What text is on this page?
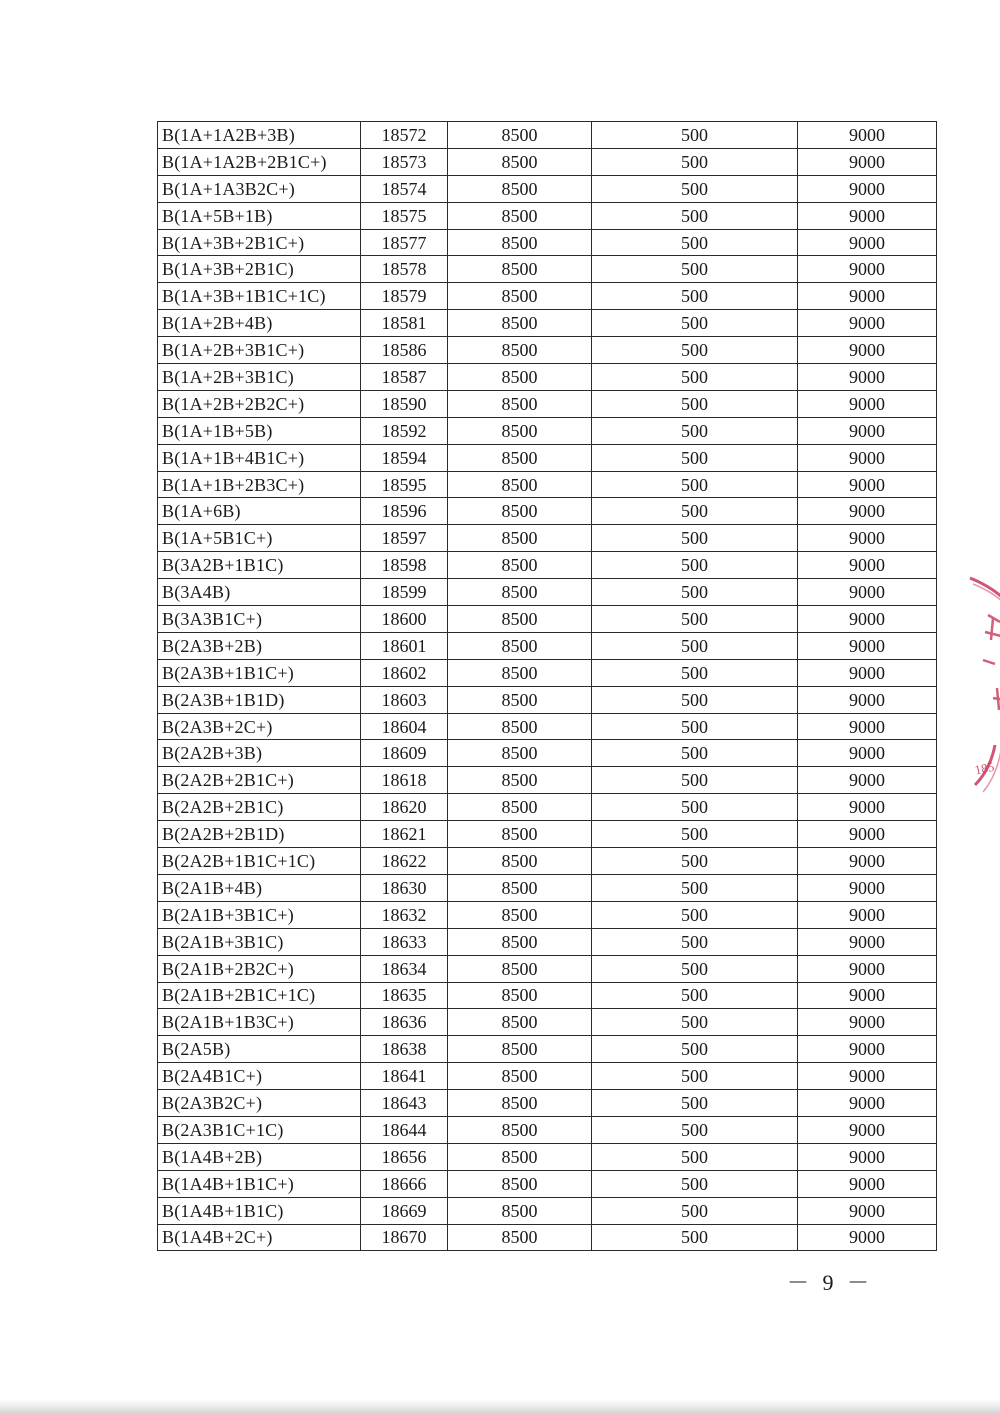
B(1A+1A2B+3B)	18572	8500	500	9000
B(1A+1A2B+2B1C+)	18573	8500	500	9000
B(1A+1A3B2C+)	18574	8500	500	9000
B(1A+5B+1B)	18575	8500	500	9000
B(1A+3B+2B1C+)	18577	8500	500	9000
B(1A+3B+2B1C)	18578	8500	500	9000
B(1A+3B+1B1C+1C)	18579	8500	500	9000
B(1A+2B+4B)	18581	8500	500	9000
B(1A+2B+3B1C+)	18586	8500	500	9000
B(1A+2B+3B1C)	18587	8500	500	9000
B(1A+2B+2B2C+)	18590	8500	500	9000
B(1A+1B+5B)	18592	8500	500	9000
B(1A+1B+4B1C+)	18594	8500	500	9000
B(1A+1B+2B3C+)	18595	8500	500	9000
B(1A+6B)	18596	8500	500	9000
B(1A+5B1C+)	18597	8500	500	9000
B(3A2B+1B1C)	18598	8500	500	9000
B(3A4B)	18599	8500	500	9000
B(3A3B1C+)	18600	8500	500	9000
B(2A3B+2B)	18601	8500	500	9000
B(2A3B+1B1C+)	18602	8500	500	9000
B(2A3B+1B1D)	18603	8500	500	9000
B(2A3B+2C+)	18604	8500	500	9000
B(2A2B+3B)	18609	8500	500	9000
B(2A2B+2B1C+)	18618	8500	500	9000
B(2A2B+2B1C)	18620	8500	500	9000
B(2A2B+2B1D)	18621	8500	500	9000
B(2A2B+1B1C+1C)	18622	8500	500	9000
B(2A1B+4B)	18630	8500	500	9000
B(2A1B+3B1C+)	18632	8500	500	9000
B(2A1B+3B1C)	18633	8500	500	9000
B(2A1B+2B2C+)	18634	8500	500	9000
B(2A1B+2B1C+1C)	18635	8500	500	9000
B(2A1B+1B3C+)	18636	8500	500	9000
B(2A5B)	18638	8500	500	9000
B(2A4B1C+)	18641	8500	500	9000
B(2A3B2C+)	18643	8500	500	9000
B(2A3B1C+1C)	18644	8500	500	9000
B(1A4B+2B)	18656	8500	500	9000
B(1A4B+1B1C+)	18666	8500	500	9000
B(1A4B+1B1C)	18669	8500	500	9000
B(1A4B+2C+)	18670	8500	500	9000
－ 9 －
185
